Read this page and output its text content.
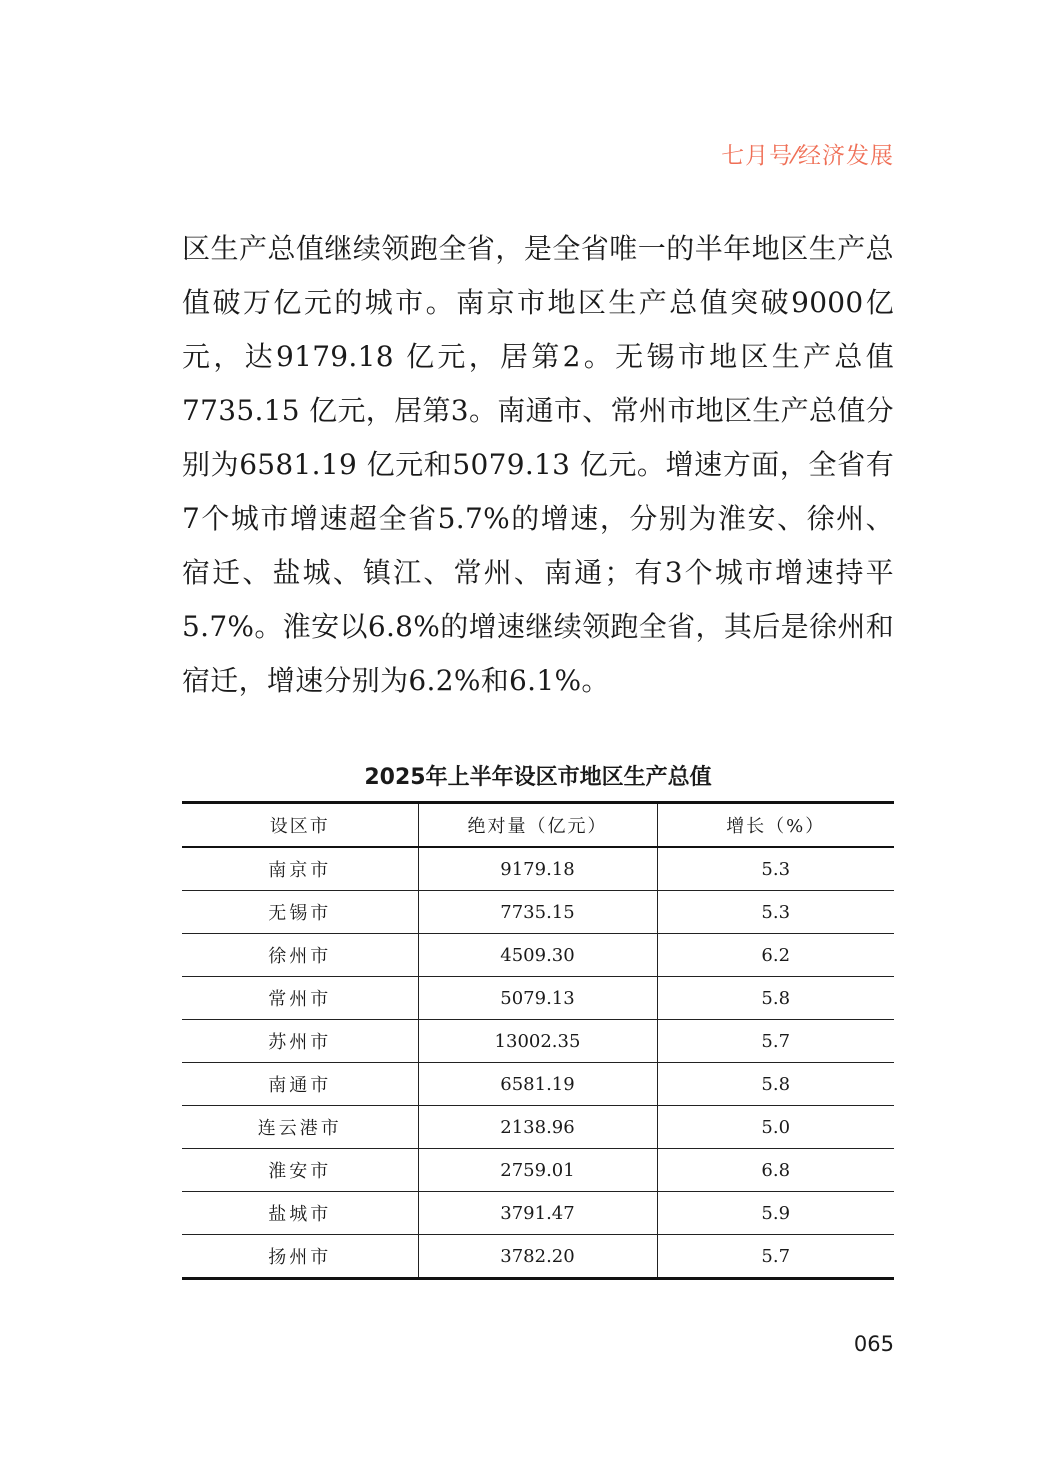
七月号⁄经济发展

区生产总值继续领跑全省，是全省唯一的半年地区生产总值破万亿元的城市。南京市地区生产总值突破9000亿元，达9179.18 亿元，居第2。无锡市地区生产总值7735.15 亿元，居第3。南通市、常州市地区生产总值分别为6581.19 亿元和5079.13 亿元。增速方面，全省有7个城市增速超全省5.7%的增速，分别为淮安、徐州、宿迁、盐城、镇江、常州、南通；有3个城市增速持平5.7%。淮安以6.8%的增速继续领跑全省，其后是徐州和宿迁，增速分别为6.2%和6.1%。

2025年上半年设区市地区生产总值
设区市	绝对量（亿元）	增长（%）
南京市	9179.18	5.3
无锡市	7735.15	5.3
徐州市	4509.30	6.2
常州市	5079.13	5.8
苏州市	13002.35	5.7
南通市	6581.19	5.8
连云港市	2138.96	5.0
淮安市	2759.01	6.8
盐城市	3791.47	5.9
扬州市	3782.20	5.7
065
